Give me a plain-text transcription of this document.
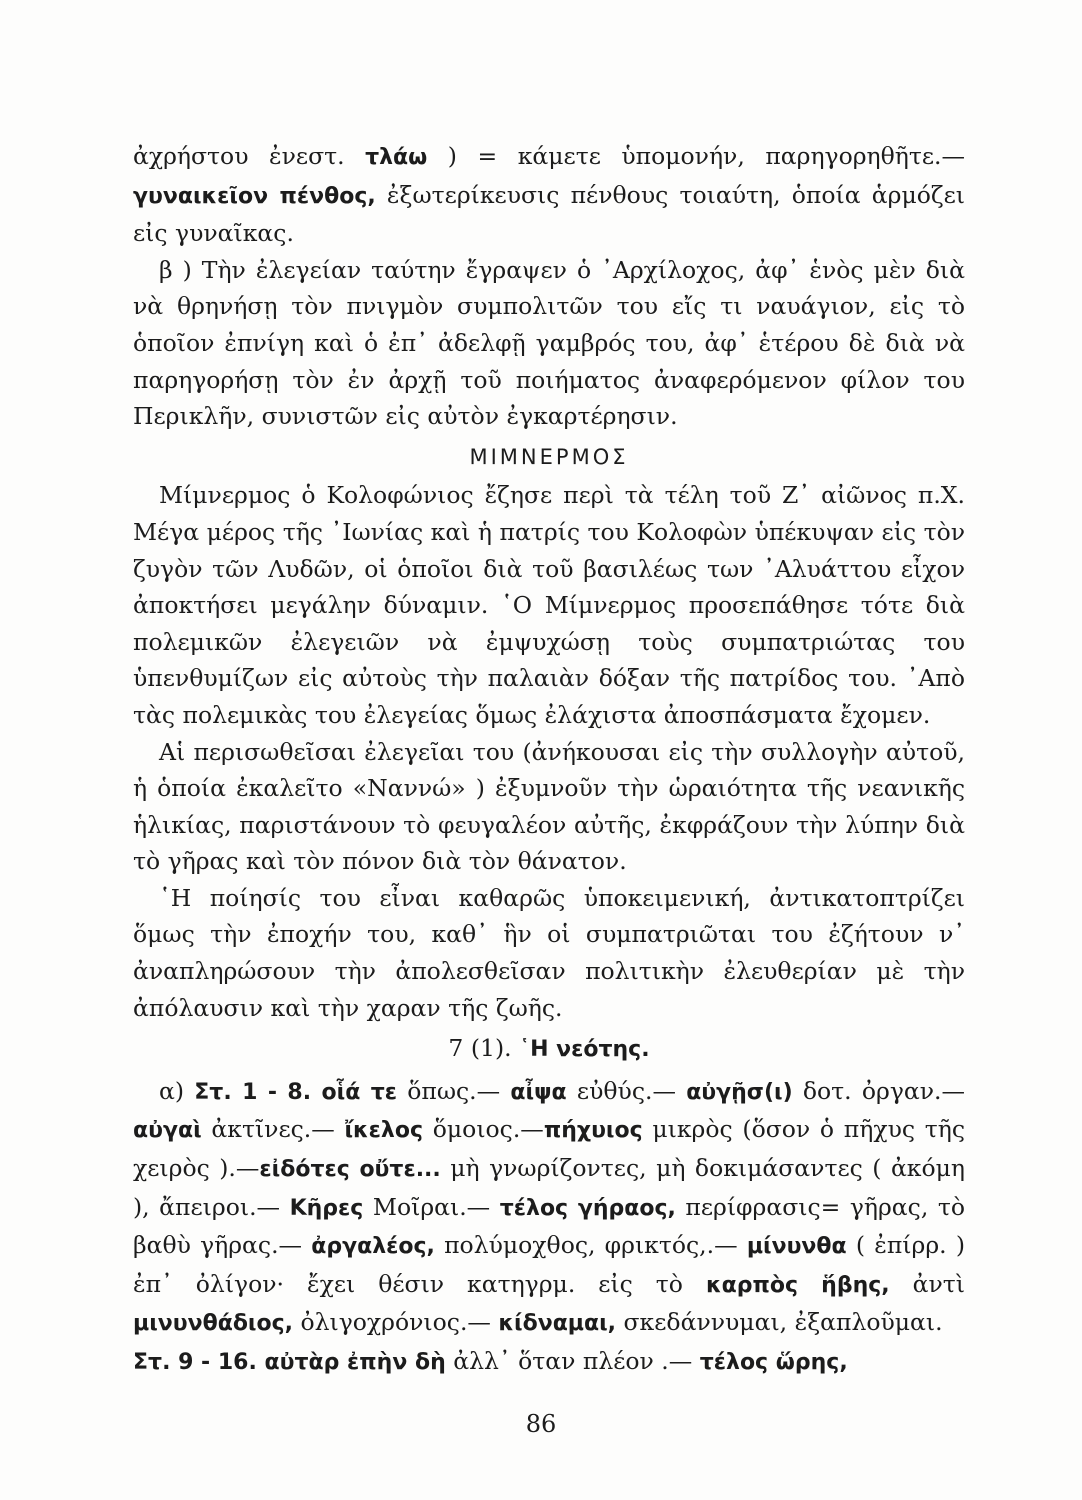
ἀχρήστου ἐνεστ. τλάω ) = κάμετε ὑπομονήν, παρηγορηθῆτε.— γυναικεῖον πένθος, ἐξωτερίκευσις πένθους τοιαύτη, ὁποία ἁρμόζει εἰς γυναῖκας.

β ) Τὴν ἐλεγείαν ταύτην ἔγραψεν ὁ ᾿Αρχίλοχος, ἀφ᾿ ἑνὸς μὲν διὰ νὰ θρηνήσῃ τὸν πνιγμὸν συμπολιτῶν του εἴς τι ναυάγιον, εἰς τὸ ὁποῖον ἐπνίγη καὶ ὁ ἐπ᾿ ἀδελφῇ γαμβρός του, ἀφ᾿ ἑτέρου δὲ διὰ νὰ παρηγορήσῃ τὸν ἐν ἀρχῇ τοῦ ποιήματος ἀναφερόμενον φίλον του Περικλῆν, συνιστῶν εἰς αὐτὸν ἐγκαρτέρησιν.

ΜΙΜΝΕΡΜΟΣ

Μίμνερμος ὁ Κολοφώνιος ἔζησε περὶ τὰ τέλη τοῦ Ζ᾿ αἰῶνος π.Χ. Μέγα μέρος τῆς ᾿Ιωνίας καὶ ἡ πατρίς του Κολοφὼν ὑπέκυψαν εἰς τὸν ζυγὸν τῶν Λυδῶν, οἱ ὁποῖοι διὰ τοῦ βασιλέως των ᾿Αλυάττου εἶχον ἀποκτήσει μεγάλην δύναμιν. ῾Ο Μίμνερμος προσεπάθησε τότε διὰ πολεμικῶν ἐλεγειῶν νὰ ἐμψυχώσῃ τοὺς συμπατριώτας του ὑπενθυμίζων εἰς αὐτοὺς τὴν παλαιὰν δόξαν τῆς πατρίδος του. ᾿Απὸ τὰς πολεμικὰς του ἐλεγείας ὅμως ἐλάχιστα ἀποσπάσματα ἔχομεν.

Αἱ περισωθεῖσαι ἐλεγεῖαι του (ἀνήκουσαι εἰς τὴν συλλογὴν αὐτοῦ, ἡ ὁποία ἐκαλεῖτο «Ναννώ» ) ἐξυμνοῦν τὴν ὡραιότητα τῆς νεανικῆς ἡλικίας, παριστάνουν τὸ φευγαλέον αὐτῆς, ἐκφράζουν τὴν λύπην διὰ τὸ γῆρας καὶ τὸν πόνον διὰ τὸν θάνατον.

῾Η ποίησίς του εἶναι καθαρῶς ὑποκειμενική, ἀντικατοπτρίζει ὅμως τὴν ἐποχήν του, καθ᾿ ἣν οἱ συμπατριῶται του ἐζήτουν ν᾿ ἀναπληρώσουν τὴν ἀπολεσθεῖσαν πολιτικὴν ἐλευθερίαν μὲ τὴν ἀπόλαυσιν καὶ τὴν χαραν τῆς ζωῆς.

7 (1). ῾Η νεότης.

α) Στ. 1 - 8. οἷά τε ὅπως.— αἶψα εὐθύς.— αὐγῇσ(ι) δοτ. ὀργαν.— αὐγαὶ ἀκτῖνες.— ἴκελος ὅμοιος.—πήχυιος μικρὸς (ὅσον ὁ πῆχυς τῆς χειρὸς ).—εἰδότες οὔτε... μὴ γνωρίζοντες, μὴ δοκιμάσαντες ( ἀκόμη ), ἄπειροι.— Κῆρες Μοῖραι.— τέλος γήραος, περίφρασις= γῆρας, τὸ βαθὺ γῆρας.— ἀργαλέος, πολύμοχθος, φρικτός,.— μίνυνθα ( ἐπίρρ. ) ἐπ᾿ ὀλίγον· ἔχει θέσιν κατηγρμ. εἰς τὸ καρπὸς ἥβης, ἀντὶ μινυνθάδιος, ὀλιγοχρόνιος.— κίδναμαι, σκεδάννυμαι, ἐξαπλοῦμαι.

Στ. 9 - 16. αὐτὰρ ἐπὴν δὴ ἀλλ᾿ ὅταν πλέον .— τέλος ὥρης,

86
